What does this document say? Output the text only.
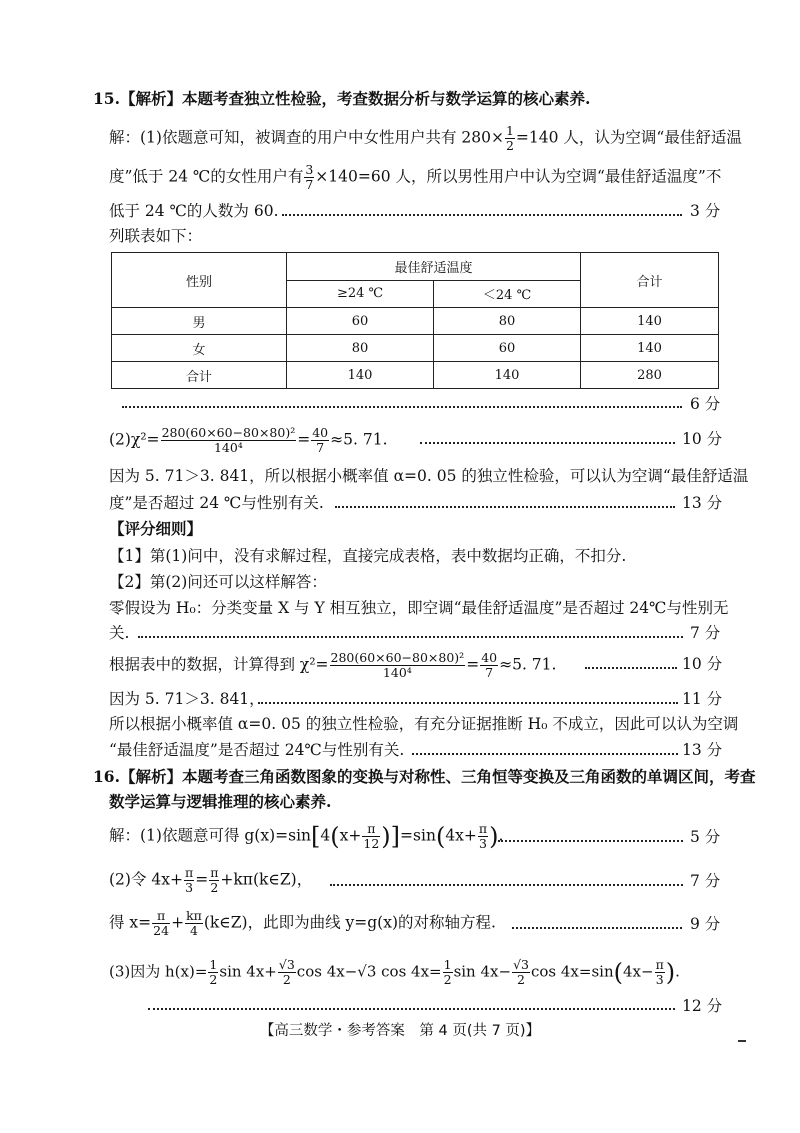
15.【解析】本题考查独立性检验，考查数据分析与数学运算的核心素养.
解：(1)依题意可知，被调查的用户中女性用户共有 $280\times \frac{1}{2} =140$ 人，认为空调“最佳舒适温
度”低于 24 ℃的女性用户有 $\frac{3}{7} \times 140=60$ 人，所以男性用户中认为空调“最佳舒适温度”不
低于 24 ℃的人数为 60.	3 分
列联表如下：
性别	最佳舒适温度		合计
	≥24 ℃	＜24 ℃	
男	60	80	140
女	80	60	140
合计	140	140	280
6 分
$(2)\chi^2= \frac{\text{280(60×60−80×80)²}}{\text{140⁴}} = \frac{40}{7} \approx 5$. 71.	10 分
因为 5. 71＞3. 841，所以根据小概率值 α=0. 05 的独立性检验，可以认为空调“最佳舒适温
度”是否超过 24 ℃与性别有关.	13 分
【评分细则】
【1】第(1)问中，没有求解过程，直接完成表格，表中数据均正确，不扣分.
【2】第(2)问还可以这样解答：
零假设为 H₀：分类变量 X 与 Y 相互独立，即空调“最佳舒适温度”是否超过 24℃与性别无
关.	7 分
根据表中的数据，计算得到 $\chi^2= \frac{\text{280(60×60−80×80)²}}{\text{140⁴}} = \frac{40}{7} \approx 5$. 71.	10 分
因为 5. 71＞3. 841，	11 分
所以根据小概率值 α=0. 05 的独立性检验，有充分证据推断 H₀ 不成立，因此可以认为空调
“最佳舒适温度”是否超过 24℃与性别有关.	13 分
16.【解析】本题考查三角函数图象的变换与对称性、三角恒等变换及三角函数的单调区间，考查
数学运算与逻辑推理的核心素养.
解：(1)依题意可得 $g(x)=\sin[4(x+ \frac{\pi}{12} )]=\sin(4x+ \frac{\pi}{3}$ ).	5 分
(2)令 $4x+ \frac{\pi}{3} = \frac{\pi}{2}$ +kπ(k∈Z)，	7 分
得 $x= \frac{\pi}{24} + \frac{k\pi}{4}$ (k∈Z)，此即为曲线 y=g(x)的对称轴方程.	9 分
(3)因为 $h(x)= \frac{1}{2}$ $\sin 4x+ \frac{√3}{2}$ cos 4x−√3 $\cos 4x= \frac{1}{2}$ $\sin 4x- \frac{√3}{2}$ $\cos 4x=\sin(4x- \frac{\pi}{3}$ ).
12 分
【高三数学・参考答案　第 4 页(共 7 页)】
